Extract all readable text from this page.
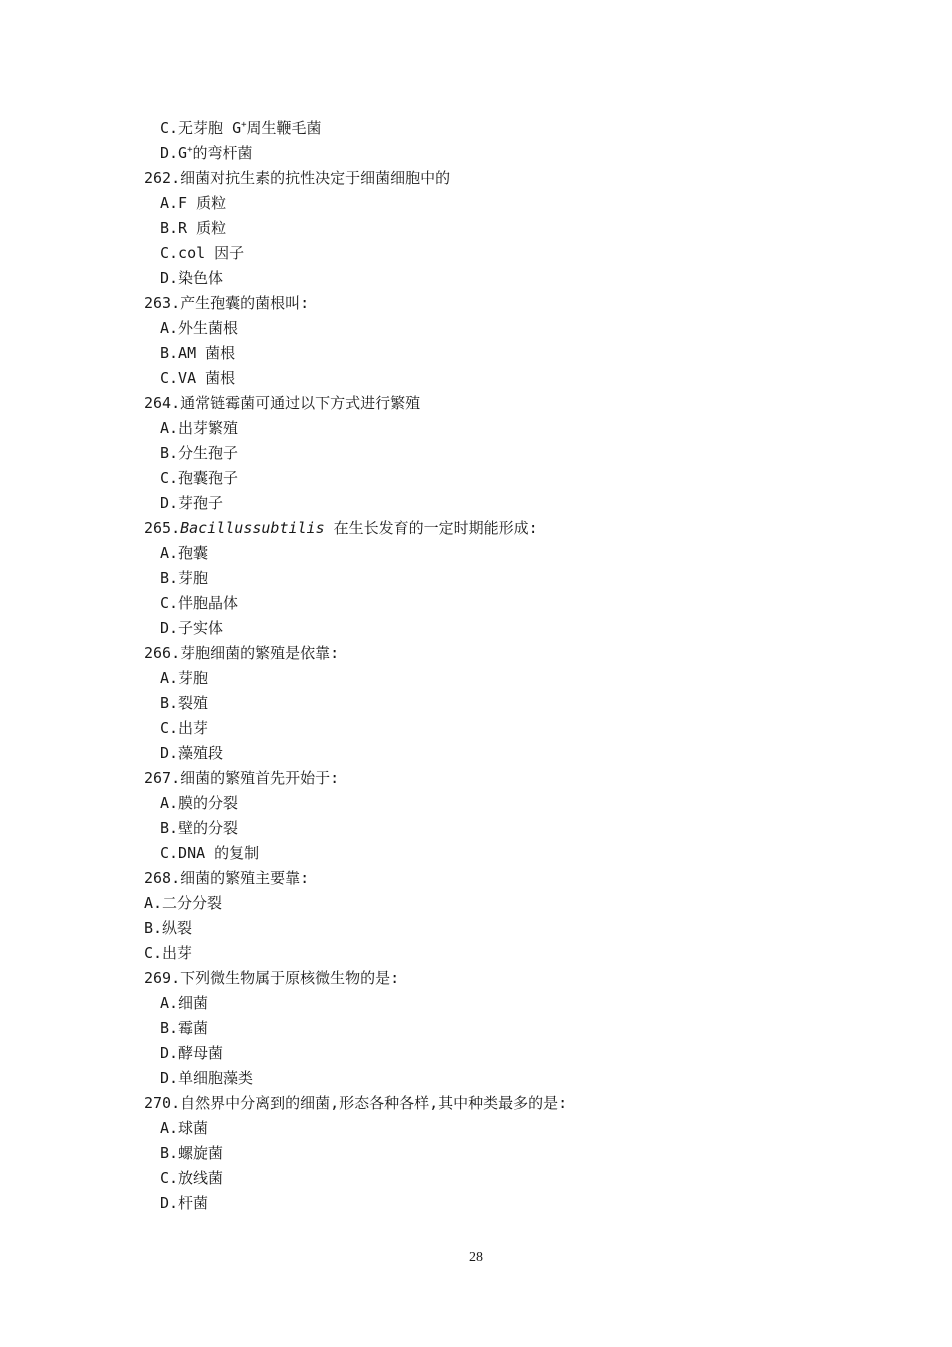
C.无芽胞 G+周生鞭毛菌
D.G+的弯杆菌
262.细菌对抗生素的抗性决定于细菌细胞中的
A.F 质粒
B.R 质粒
C.col 因子
D.染色体
263.产生孢囊的菌根叫:
A.外生菌根
B.AM 菌根
C.VA 菌根
264.通常链霉菌可通过以下方式进行繁殖
A.出芽繁殖
B.分生孢子
C.孢囊孢子
D.芽孢子
265.Bacillussubtilis 在生长发育的一定时期能形成:
A.孢囊
B.芽胞
C.伴胞晶体
D.子实体
266.芽胞细菌的繁殖是依靠:
A.芽胞
B.裂殖
C.出芽
D.藻殖段
267.细菌的繁殖首先开始于:
A.膜的分裂
B.壁的分裂
C.DNA 的复制
268.细菌的繁殖主要靠:
A.二分分裂
B.纵裂
C.出芽
269.下列微生物属于原核微生物的是:
A.细菌
B.霉菌
D.酵母菌
D.单细胞藻类
270.自然界中分离到的细菌,形态各种各样,其中种类最多的是:
A.球菌
B.螺旋菌
C.放线菌
D.杆菌
28
